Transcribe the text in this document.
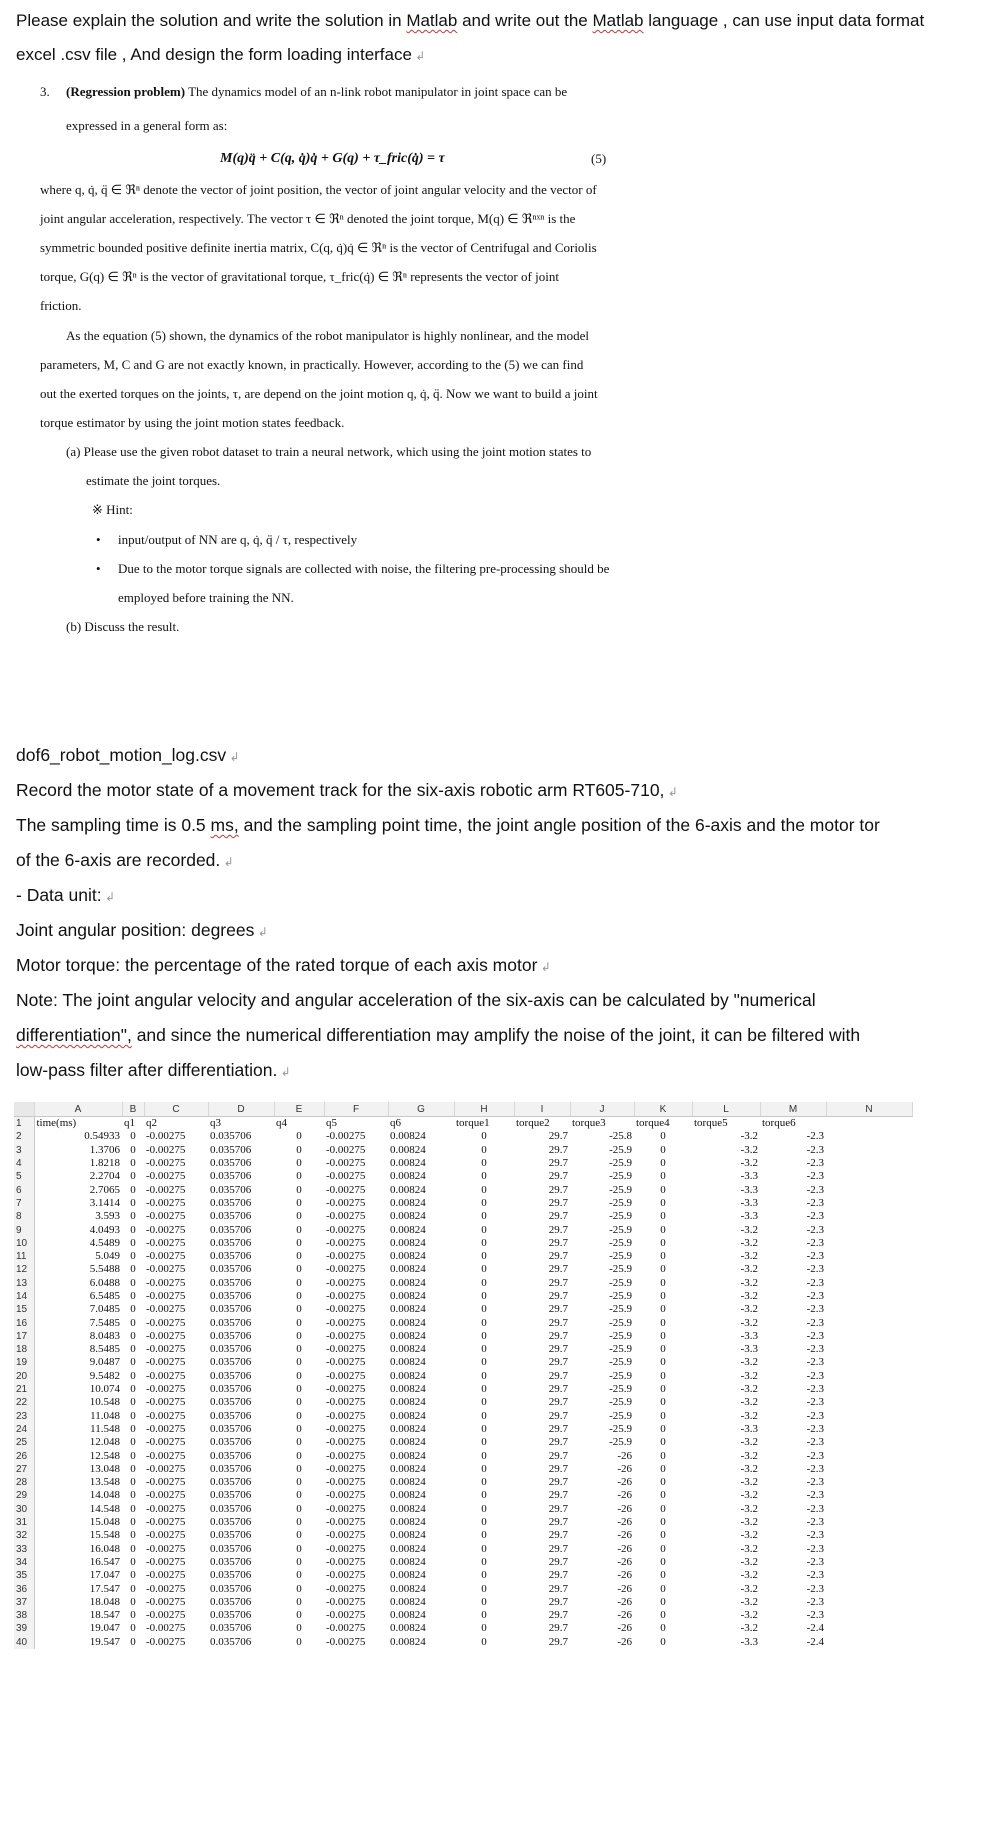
Please explain the solution and write the solution in Matlab and write out the Matlab language , can use input data format
excel .csv file , And design the form loading interface ↲
3. (Regression problem) The dynamics model of an n-link robot manipulator in joint space can be
expressed in a general form as:
M(q)q̈ + C(q, q̇)q̇ + G(q) + τ_fric(q̇) = τ	(5)
where q, q̇, q̈ ∈ ℜⁿ denote the vector of joint position, the vector of joint angular velocity and the vector of
joint angular acceleration, respectively. The vector τ ∈ ℜⁿ denoted the joint torque, M(q) ∈ ℜⁿˣⁿ is the
symmetric bounded positive definite inertia matrix, C(q, q̇)q̇ ∈ ℜⁿ is the vector of Centrifugal and Coriolis
torque, G(q) ∈ ℜⁿ is the vector of gravitational torque, τ_fric(q̇) ∈ ℜⁿ represents the vector of joint
friction.
As the equation (5) shown, the dynamics of the robot manipulator is highly nonlinear, and the model
parameters, M, C and G are not exactly known, in practically. However, according to the (5) we can find
out the exerted torques on the joints, τ, are depend on the joint motion q, q̇, q̈. Now we want to build a joint
torque estimator by using the joint motion states feedback.
(a) Please use the given robot dataset to train a neural network, which using the joint motion states to
estimate the joint torques.
※ Hint:
• input/output of NN are q, q̇, q̈ / τ, respectively
• Due to the motor torque signals are collected with noise, the filtering pre-processing should be
employed before training the NN.
(b) Discuss the result.
dof6_robot_motion_log.csv ↲
Record the motor state of a movement track for the six-axis robotic arm RT605-710, ↲
The sampling time is 0.5 ms, and the sampling point time, the joint angle position of the 6-axis and the motor tor
of the 6-axis are recorded. ↲
- Data unit: ↲
Joint angular position: degrees ↲
Motor torque: the percentage of the rated torque of each axis motor ↲
Note: The joint angular velocity and angular acceleration of the six-axis can be calculated by "numerical
differentiation", and since the numerical differentiation may amplify the noise of the joint, it can be filtered with
low-pass filter after differentiation. ↲
	A	B	C	D	E	F	G	H	I	J	K	L	M	N
1	time(ms)	q1	q2	q3	q4	q5	q6	torque1	torque2	torque3	torque4	torque5	torque6	
2	0.54933	0	-0.00275	0.035706	0	-0.00275	0.00824	0	29.7	-25.8	0	-3.2	-2.3	
3	1.3706	0	-0.00275	0.035706	0	-0.00275	0.00824	0	29.7	-25.9	0	-3.2	-2.3	
4	1.8218	0	-0.00275	0.035706	0	-0.00275	0.00824	0	29.7	-25.9	0	-3.2	-2.3	
5	2.2704	0	-0.00275	0.035706	0	-0.00275	0.00824	0	29.7	-25.9	0	-3.3	-2.3	
6	2.7065	0	-0.00275	0.035706	0	-0.00275	0.00824	0	29.7	-25.9	0	-3.3	-2.3	
7	3.1414	0	-0.00275	0.035706	0	-0.00275	0.00824	0	29.7	-25.9	0	-3.3	-2.3	
8	3.593	0	-0.00275	0.035706	0	-0.00275	0.00824	0	29.7	-25.9	0	-3.3	-2.3	
9	4.0493	0	-0.00275	0.035706	0	-0.00275	0.00824	0	29.7	-25.9	0	-3.2	-2.3	
10	4.5489	0	-0.00275	0.035706	0	-0.00275	0.00824	0	29.7	-25.9	0	-3.2	-2.3	
11	5.049	0	-0.00275	0.035706	0	-0.00275	0.00824	0	29.7	-25.9	0	-3.2	-2.3	
12	5.5488	0	-0.00275	0.035706	0	-0.00275	0.00824	0	29.7	-25.9	0	-3.2	-2.3	
13	6.0488	0	-0.00275	0.035706	0	-0.00275	0.00824	0	29.7	-25.9	0	-3.2	-2.3	
14	6.5485	0	-0.00275	0.035706	0	-0.00275	0.00824	0	29.7	-25.9	0	-3.2	-2.3	
15	7.0485	0	-0.00275	0.035706	0	-0.00275	0.00824	0	29.7	-25.9	0	-3.2	-2.3	
16	7.5485	0	-0.00275	0.035706	0	-0.00275	0.00824	0	29.7	-25.9	0	-3.2	-2.3	
17	8.0483	0	-0.00275	0.035706	0	-0.00275	0.00824	0	29.7	-25.9	0	-3.3	-2.3	
18	8.5485	0	-0.00275	0.035706	0	-0.00275	0.00824	0	29.7	-25.9	0	-3.3	-2.3	
19	9.0487	0	-0.00275	0.035706	0	-0.00275	0.00824	0	29.7	-25.9	0	-3.2	-2.3	
20	9.5482	0	-0.00275	0.035706	0	-0.00275	0.00824	0	29.7	-25.9	0	-3.2	-2.3	
21	10.074	0	-0.00275	0.035706	0	-0.00275	0.00824	0	29.7	-25.9	0	-3.2	-2.3	
22	10.548	0	-0.00275	0.035706	0	-0.00275	0.00824	0	29.7	-25.9	0	-3.2	-2.3	
23	11.048	0	-0.00275	0.035706	0	-0.00275	0.00824	0	29.7	-25.9	0	-3.2	-2.3	
24	11.548	0	-0.00275	0.035706	0	-0.00275	0.00824	0	29.7	-25.9	0	-3.3	-2.3	
25	12.048	0	-0.00275	0.035706	0	-0.00275	0.00824	0	29.7	-25.9	0	-3.2	-2.3	
26	12.548	0	-0.00275	0.035706	0	-0.00275	0.00824	0	29.7	-26	0	-3.2	-2.3	
27	13.048	0	-0.00275	0.035706	0	-0.00275	0.00824	0	29.7	-26	0	-3.2	-2.3	
28	13.548	0	-0.00275	0.035706	0	-0.00275	0.00824	0	29.7	-26	0	-3.2	-2.3	
29	14.048	0	-0.00275	0.035706	0	-0.00275	0.00824	0	29.7	-26	0	-3.2	-2.3	
30	14.548	0	-0.00275	0.035706	0	-0.00275	0.00824	0	29.7	-26	0	-3.2	-2.3	
31	15.048	0	-0.00275	0.035706	0	-0.00275	0.00824	0	29.7	-26	0	-3.2	-2.3	
32	15.548	0	-0.00275	0.035706	0	-0.00275	0.00824	0	29.7	-26	0	-3.2	-2.3	
33	16.048	0	-0.00275	0.035706	0	-0.00275	0.00824	0	29.7	-26	0	-3.2	-2.3	
34	16.547	0	-0.00275	0.035706	0	-0.00275	0.00824	0	29.7	-26	0	-3.2	-2.3	
35	17.047	0	-0.00275	0.035706	0	-0.00275	0.00824	0	29.7	-26	0	-3.2	-2.3	
36	17.547	0	-0.00275	0.035706	0	-0.00275	0.00824	0	29.7	-26	0	-3.2	-2.3	
37	18.048	0	-0.00275	0.035706	0	-0.00275	0.00824	0	29.7	-26	0	-3.2	-2.3	
38	18.547	0	-0.00275	0.035706	0	-0.00275	0.00824	0	29.7	-26	0	-3.2	-2.3	
39	19.047	0	-0.00275	0.035706	0	-0.00275	0.00824	0	29.7	-26	0	-3.2	-2.4	
40	19.547	0	-0.00275	0.035706	0	-0.00275	0.00824	0	29.7	-26	0	-3.3	-2.4	
